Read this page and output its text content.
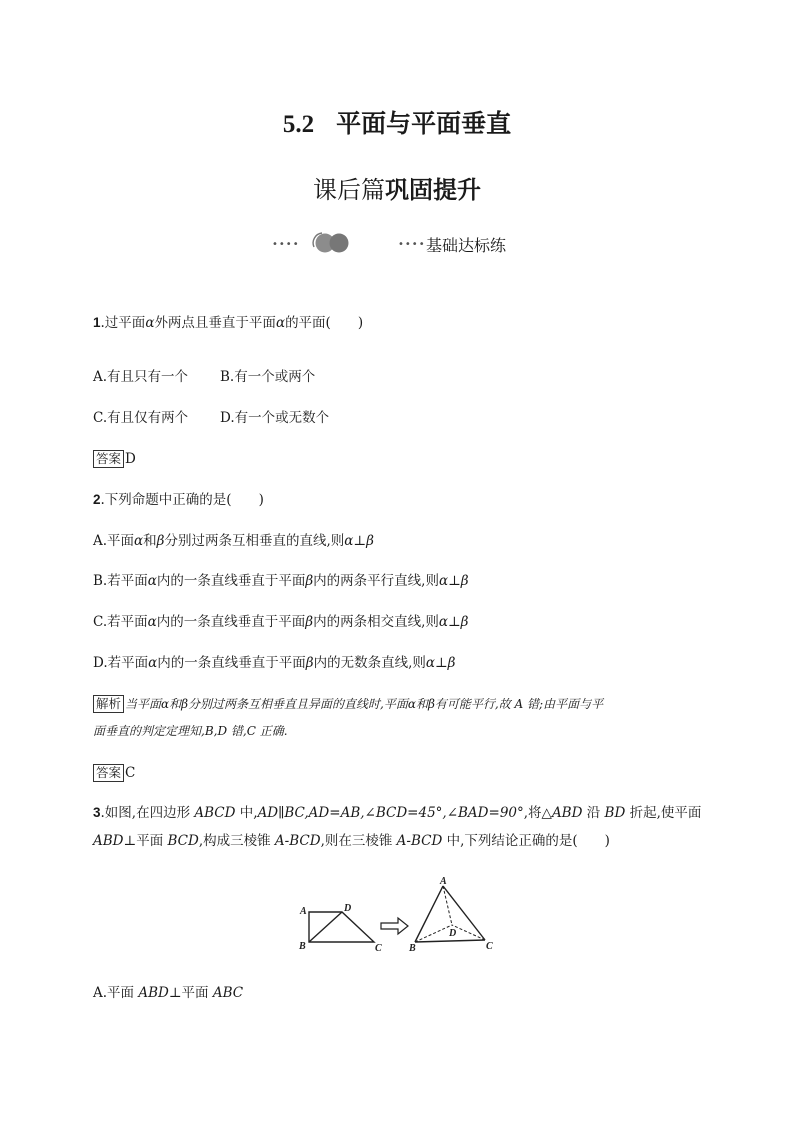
5.2 平面与平面垂直
课后篇巩固提升
••••	•••• 基础达标练
1.过平面α外两点且垂直于平面α的平面(　　)
A.有且只有一个 B.有一个或两个
C.有且仅有两个 D.有一个或无数个
答案 D
2.下列命题中正确的是(　　)
A.平面α和β分别过两条互相垂直的直线,则α⊥β
B.若平面α内的一条直线垂直于平面β内的两条平行直线,则α⊥β
C.若平面α内的一条直线垂直于平面β内的两条相交直线,则α⊥β
D.若平面α内的一条直线垂直于平面β内的无数条直线,则α⊥β
解析 当平面α和β分别过两条互相垂直且异面的直线时,平面α和β有可能平行,故 A 错;由平面与平
面垂直的判定定理知,B,D 错,C 正确.
答案 C
3.如图,在四边形 ABCD 中,AD∥BC,AD=AB,∠BCD=45°,∠BAD=90°,将△ABD 沿 BD 折起,使平面
ABD⊥平面 BCD,构成三棱锥 A-BCD,则在三棱锥 A-BCD 中,下列结论正确的是(　　)
A	D
B	C
A
D
B	C
A.平面 ABD⊥平面 ABC
